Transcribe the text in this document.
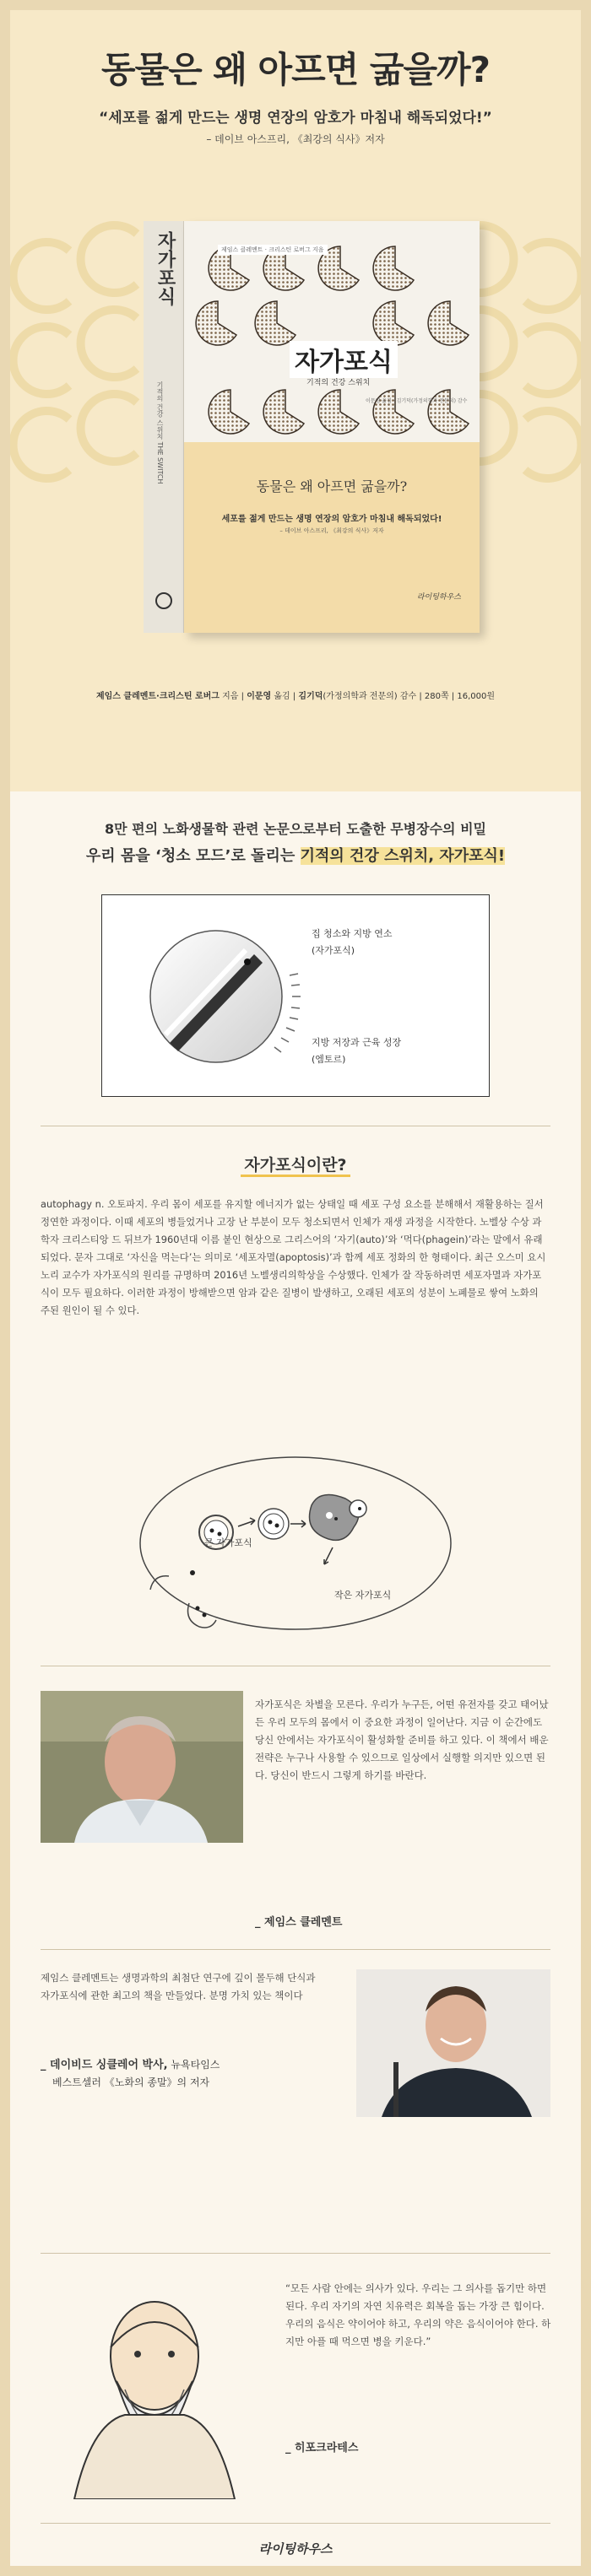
동물은 왜 아프면 굶을까?
“세포를 젊게 만드는 생명 연장의 암호가 마침내 해독되었다!”
– 데이브 아스프리, 《최강의 식사》저자
자가포식
기적의 건강 스위치 THE SWITCH
제임스 클레멘트 · 크리스틴 로버그 지음
자가포식
기적의 건강 스위치
이문영 옮김 · 김기덕(가정의학과 전문의) 감수
동물은 왜 아프면 굶을까?
세포를 젊게 만드는 생명 연장의 암호가 마침내 해독되었다!
– 데이브 아스프리, 《최강의 식사》저자
라이팅하우스
제임스 클레멘트·크리스틴 로버그 지음 | 이문영 옮김 | 김기덕(가정의학과 전문의) 감수 | 280쪽 | 16,000원
8만 편의 노화생물학 관련 논문으로부터 도출한 무병장수의 비밀
우리 몸을 ‘청소 모드’로 돌리는 기적의 건강 스위치, 자가포식!
집 청소와 지방 연소
(자가포식)
지방 저장과 근육 성장
(엠토르)
자가포식이란?
autophagy n. 오토파지. 우리 몸이 세포를 유지할 에너지가 없는 상태일 때 세포 구성 요소를 분해해서 재활용하는 질서 정연한 과정이다. 이때 세포의 병들었거나 고장 난 부분이 모두 청소되면서 인체가 재생 과정을 시작한다. 노벨상 수상 과학자 크리스티앙 드 뒤브가 1960년대 이름 붙인 현상으로 그리스어의 ‘자기(auto)’와 ‘먹다(phagein)’라는 말에서 유래되었다. 문자 그대로 ‘자신을 먹는다’는 의미로 ‘세포자멸(apoptosis)’과 함께 세포 정화의 한 형태이다. 최근 오스미 요시노리 교수가 자가포식의 원리를 규명하며 2016년 노벨생리의학상을 수상했다. 인체가 잘 작동하려면 세포자멸과 자가포식이 모두 필요하다. 이러한 과정이 방해받으면 암과 같은 질병이 발생하고, 오래된 세포의 성분이 노폐물로 쌓여 노화의 주된 원인이 될 수 있다.
큰 자가포식
작은 자가포식
자가포식은 차별을 모른다. 우리가 누구든, 어떤 유전자를 갖고 태어났든 우리 모두의 몸에서 이 중요한 과정이 일어난다. 지금 이 순간에도 당신 안에서는 자가포식이 활성화할 준비를 하고 있다. 이 책에서 배운 전략은 누구나 사용할 수 있으므로 일상에서 실행할 의지만 있으면 된다. 당신이 반드시 그렇게 하기를 바란다.
_ 제임스 클레멘트
제임스 클레멘트는 생명과학의 최첨단 연구에 깊이 몰두해 단식과 자가포식에 관한 최고의 책을 만들었다. 분명 가치 있는 책이다
_ 데이비드 싱클레어 박사, 뉴욕타임스
베스트셀러 《노화의 종말》의 저자
“모든 사람 안에는 의사가 있다. 우리는 그 의사를 돕기만 하면 된다. 우리 자기의 자연 치유력은 회복을 돕는 가장 큰 힘이다. 우리의 음식은 약이어야 하고, 우리의 약은 음식이어야 한다. 하지만 아플 때 먹으면 병을 키운다.”
_ 히포크라테스
라이팅하우스
